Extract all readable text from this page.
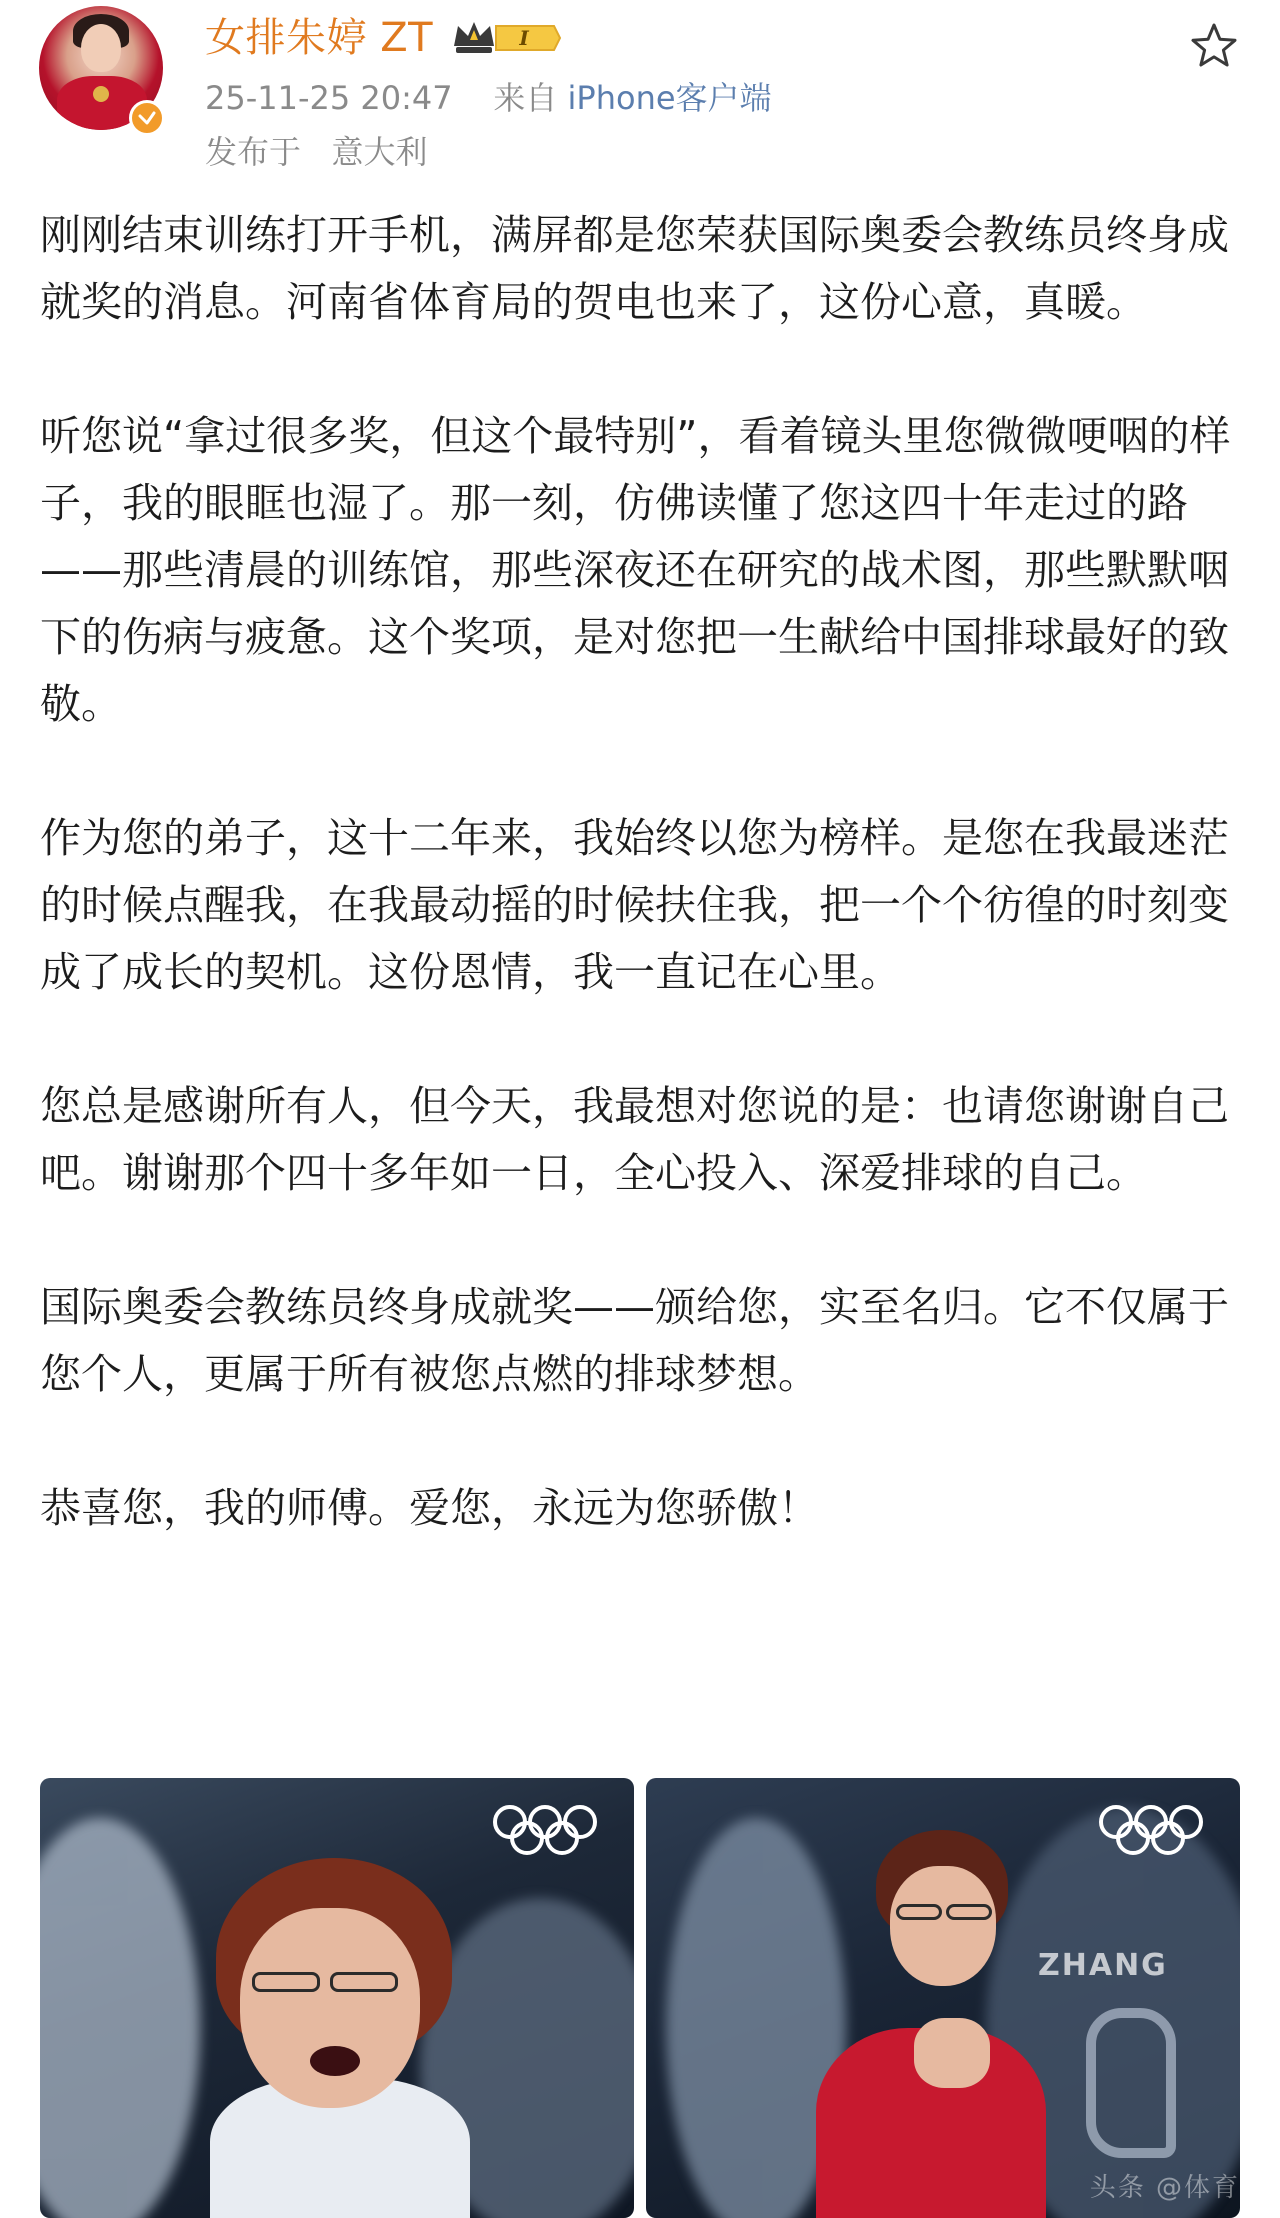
女排朱婷 ZT	I
25-11-25 20:47 来自 iPhone客户端
发布于 意大利

刚刚结束训练打开手机，满屏都是您荣获国际奥委会教练员终身成就奖的消息。河南省体育局的贺电也来了，这份心意，真暖。

听您说“拿过很多奖，但这个最特别”，看着镜头里您微微哽咽的样子，我的眼眶也湿了。那一刻，仿佛读懂了您这四十年走过的路——那些清晨的训练馆，那些深夜还在研究的战术图，那些默默咽下的伤病与疲惫。这个奖项，是对您把一生献给中国排球最好的致敬。

作为您的弟子，这十二年来，我始终以您为榜样。是您在我最迷茫的时候点醒我，在我最动摇的时候扶住我，把一个个彷徨的时刻变成了成长的契机。这份恩情，我一直记在心里。

您总是感谢所有人，但今天，我最想对您说的是：也请您谢谢自己吧。谢谢那个四十多年如一日，全心投入、深爱排球的自己。

国际奥委会教练员终身成就奖——颁给您，实至名归。它不仅属于您个人，更属于所有被您点燃的排球梦想。

恭喜您，我的师傅。爱您，永远为您骄傲！

ZHANG
头条 @体育
